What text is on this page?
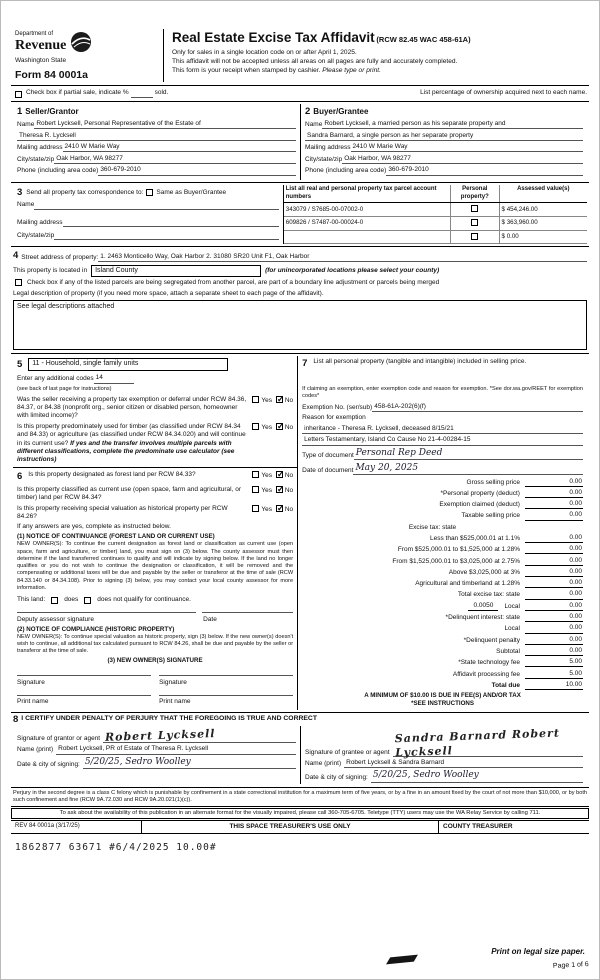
Department of
Revenue
Washington State
Form 84 0001a
Real Estate Excise Tax Affidavit (RCW 82.45 WAC 458-61A)
Only for sales in a single location code on or after April 1, 2025.
This affidavit will not be accepted unless all areas on all pages are fully and accurately completed.
This form is your receipt when stamped by cashier. Please type or print.
Check box if partial sale, indicate %	sold.	List percentage of ownership acquired next to each name.
1 Seller/Grantor
Name Robert Lycksell, Personal Representative of the Estate of
Theresa R. Lycksell
Mailing address 2410 W Marie Way
City/state/zip Oak Harbor, WA 98277
Phone (including area code) 360-679-2010
2 Buyer/Grantee
Name Robert Lycksell, a married person as his separate property and
Sandra Barnard, a single person as her separate property
Mailing address 2410 W Marie Way
City/state/zip Oak Harbor, WA 98277
Phone (including area code) 360-679-2010
3 Send all property tax correspondence to: Same as Buyer/Grantee
Name
Mailing address
City/state/zip
List all real and personal property tax parcel account numbers	Personal property?	Assessed value(s)
343079 / S7685-00-07002-0		$ 454,246.00
609826 / S7487-00-00024-0		$ 363,960.00
		$ 0.00
4 Street address of property: 1. 2463 Monticello Way, Oak Harbor 2. 31080 SR20 Unit F1, Oak Harbor
This property is located in	Island County	(for unincorporated locations please select your county)
Check box if any of the listed parcels are being segregated from another parcel, are part of a boundary line adjustment or parcels being merged
Legal description of property (if you need more space, attach a separate sheet to each page of the affidavit).
See legal descriptions attached
5	11 - Household, single family units
Enter any additional codes 14
(see back of last page for instructions)
Was the seller receiving a property tax exemption or deferral under RCW 84.36, 84.37, or 84.38 (nonprofit org., senior citizen or disabled person, homeowner with limited income)?
Yes ✓ No
Is this property predominately used for timber (as classified under RCW 84.34 and 84.33) or agriculture (as classified under RCW 84.34.020) and will continue in its current use? If yes and the transfer involves multiple parcels with different classifications, complete the predominate use calculator (see instructions)
Yes ✓ No
6 Is this property designated as forest land per RCW 84.33?	Yes ✓ No
Is this property classified as current use (open space, farm and agricultural, or timber) land per RCW 84.34?
Yes ✓ No
Is this property receiving special valuation as historical property per RCW 84.26?
Yes ✓ No
If any answers are yes, complete as instructed below.
(1) NOTICE OF CONTINUANCE (FOREST LAND OR CURRENT USE)
NEW OWNER(S): To continue the current designation as forest land or classification as current use (open space, farm and agriculture, or timber) land, you must sign on (3) below. The county assessor must then determine if the land transferred continues to qualify and will indicate by signing below. If the land no longer qualifies or you do not wish to continue the designation or classification, it will be removed and the compensating or additional taxes will be due and payable by the seller or transferor at the time of sale (RCW 84.33.140 or 84.34.108). Prior to signing (3) below, you may contact your local county assessor for more information.
This land:	does	does not qualify for continuance.
Deputy assessor signature	Date
(2) NOTICE OF COMPLIANCE (HISTORIC PROPERTY)
NEW OWNER(S): To continue special valuation as historic property, sign (3) below. If the new owner(s) doesn't wish to continue, all additional tax calculated pursuant to RCW 84.26, shall be due and payable by the seller or transferor at the time of sale.
(3) NEW OWNER(S) SIGNATURE
Signature	Signature
Print name	Print name
7 List all personal property (tangible and intangible) included in selling price.
If claiming an exemption, enter exemption code and reason for exemption. *See dor.wa.gov/REET for exemption codes*
Exemption No. (ser/sub) 458-61A-202(6)(f)
Reason for exemption
inheritance - Theresa R. Lycksell, deceased 8/15/21
Letters Testamentary, Island Co Cause No 21-4-00284-15
Type of document Personal Rep Deed
Date of document May 20, 2025
Gross selling price	0.00
*Personal property (deduct)	0.00
Exemption claimed (deduct)	0.00
Taxable selling price	0.00
Excise tax: state
Less than $525,000.01 at 1.1%	0.00
From $525,000.01 to $1,525,000 at 1.28%	0.00
From $1,525,000.01 to $3,025,000 at 2.75%	0.00
Above $3,025,000 at 3%	0.00
Agricultural and timberland at 1.28%	0.00
Total excise tax: state	0.00
0.0050	Local	0.00
*Delinquent interest: state	0.00
Local	0.00
*Delinquent penalty	0.00
Subtotal	0.00
*State technology fee	5.00
Affidavit processing fee	5.00
Total due	10.00
A MINIMUM OF $10.00 IS DUE IN FEE(S) AND/OR TAX
*SEE INSTRUCTIONS
8 I CERTIFY UNDER PENALTY OF PERJURY THAT THE FOREGOING IS TRUE AND CORRECT
Signature of grantor or agent Robert Lycksell
Name (print) Robert Lycksell, PR of Estate of Theresa R. Lycksell
Date & city of signing: 5/20/25, Sedro Woolley
Signature of grantee or agent
Sandra Barnard Robert Lycksell
Name (print) Robert Lycksell & Sandra Barnard
Date & city of signing: 5/20/25, Sedro Woolley
Perjury in the second degree is a class C felony which is punishable by confinement in a state correctional institution for a maximum term of five years, or by a fine in an amount fixed by the court of not more than $10,000, or by both such confinement and fine (RCW 9A.72.030 and RCW 9A.20.021(1)(c)).
To ask about the availability of this publication in an alternate format for the visually impaired, please call 360-705-6705. Teletype (TTY) users may use the WA Relay Service by calling 711.
REV 84 0001a (3/17/25)	THIS SPACE TREASURER'S USE ONLY	COUNTY TREASURER
1862877 63671 #6/4/2025 10.00#
Print on legal size paper.
Page 1 of 6
